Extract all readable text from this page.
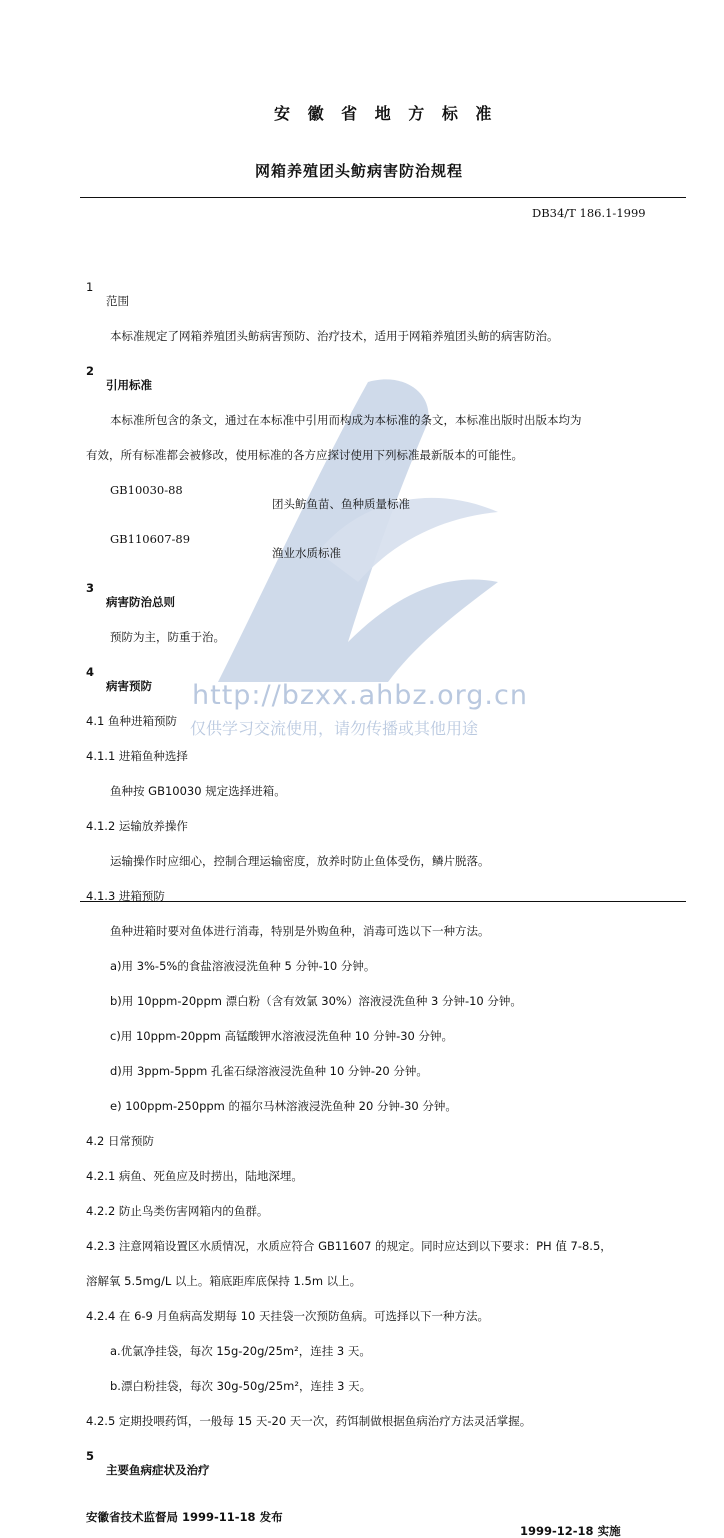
http://bzxx.ahbz.org.cn
仅供学习交流使用，请勿传播或其他用途
安 徽 省 地 方 标 准
网箱养殖团头鲂病害防治规程
DB34/T 186.1-1999
1
范围
本标准规定了网箱养殖团头鲂病害预防、治疗技术，适用于网箱养殖团头鲂的病害防治。
2
引用标准
本标准所包含的条文，通过在本标准中引用而构成为本标准的条文，本标准出版时出版本均为
有效，所有标准都会被修改，使用标准的各方应探讨使用下列标准最新版本的可能性。
GB10030-88
团头鲂鱼苗、鱼种质量标准
GB110607-89
渔业水质标准
3
病害防治总则
预防为主，防重于治。
4
病害预防
4.1 鱼种进箱预防
4.1.1 进箱鱼种选择
鱼种按 GB10030 规定选择进箱。
4.1.2 运输放养操作
运输操作时应细心，控制合理运输密度，放养时防止鱼体受伤，鳞片脱落。
4.1.3 进箱预防
鱼种进箱时要对鱼体进行消毒，特别是外购鱼种，消毒可选以下一种方法。
a)用 3%-5%的食盐溶液浸洗鱼种 5 分钟-10 分钟。
b)用 10ppm-20ppm 漂白粉（含有效氯 30%）溶液浸洗鱼种 3 分钟-10 分钟。
c)用 10ppm-20ppm 高锰酸钾水溶液浸洗鱼种 10 分钟-30 分钟。
d)用 3ppm-5ppm 孔雀石绿溶液浸洗鱼种 10 分钟-20 分钟。
e) 100ppm-250ppm 的福尔马林溶液浸洗鱼种 20 分钟-30 分钟。
4.2 日常预防
4.2.1 病鱼、死鱼应及时捞出，陆地深埋。
4.2.2 防止鸟类伤害网箱内的鱼群。
4.2.3 注意网箱设置区水质情况，水质应符合 GB11607 的规定。同时应达到以下要求：PH 值 7-8.5，
溶解氧 5.5mg/L 以上。箱底距库底保持 1.5m 以上。
4.2.4 在 6-9 月鱼病高发期每 10 天挂袋一次预防鱼病。可选择以下一种方法。
a.优氯净挂袋，每次 15g-20g/25m²，连挂 3 天。
b.漂白粉挂袋，每次 30g-50g/25m²，连挂 3 天。
4.2.5 定期投喂药饵，一般每 15 天-20 天一次，药饵制做根据鱼病治疗方法灵活掌握。
5
主要鱼病症状及治疗
安徽省技术监督局 1999-11-18 发布
1999-12-18 实施
